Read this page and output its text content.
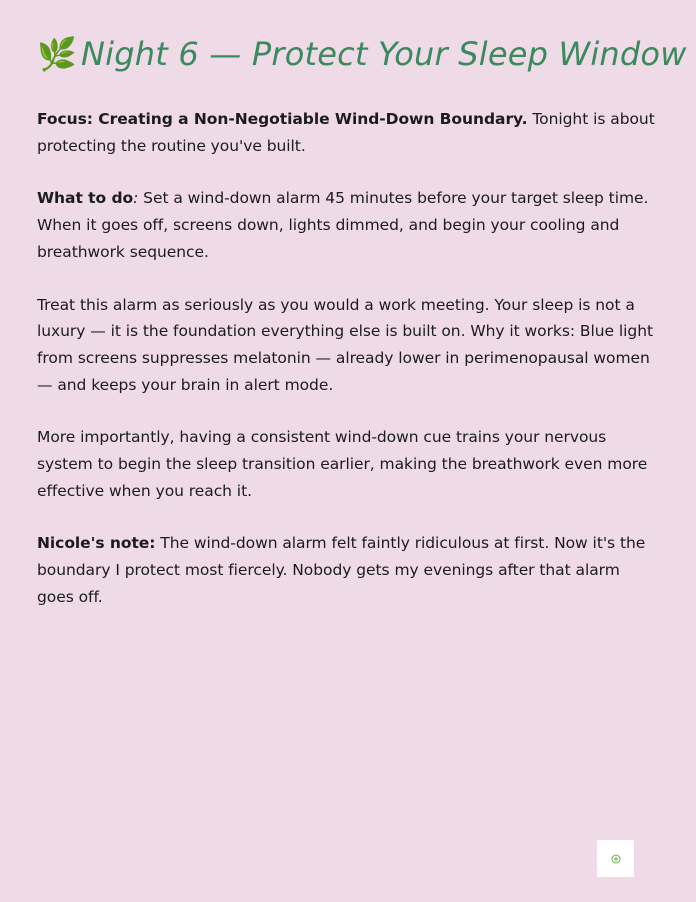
🌿 Night 6 — Protect Your Sleep Window

Focus: Creating a Non-Negotiable Wind-Down Boundary. Tonight is about protecting the routine you've built.

What to do: Set a wind-down alarm 45 minutes before your target sleep time. When it goes off, screens down, lights dimmed, and begin your cooling and breathwork sequence.

Treat this alarm as seriously as you would a work meeting. Your sleep is not a luxury — it is the foundation everything else is built on. Why it works: Blue light from screens suppresses melatonin — already lower in perimenopausal women — and keeps your brain in alert mode.

More importantly, having a consistent wind-down cue trains your nervous system to begin the sleep transition earlier, making the breathwork even more effective when you reach it.

Nicole's note: The wind-down alarm felt faintly ridiculous at first. Now it's the boundary I protect most fiercely. Nobody gets my evenings after that alarm goes off.
